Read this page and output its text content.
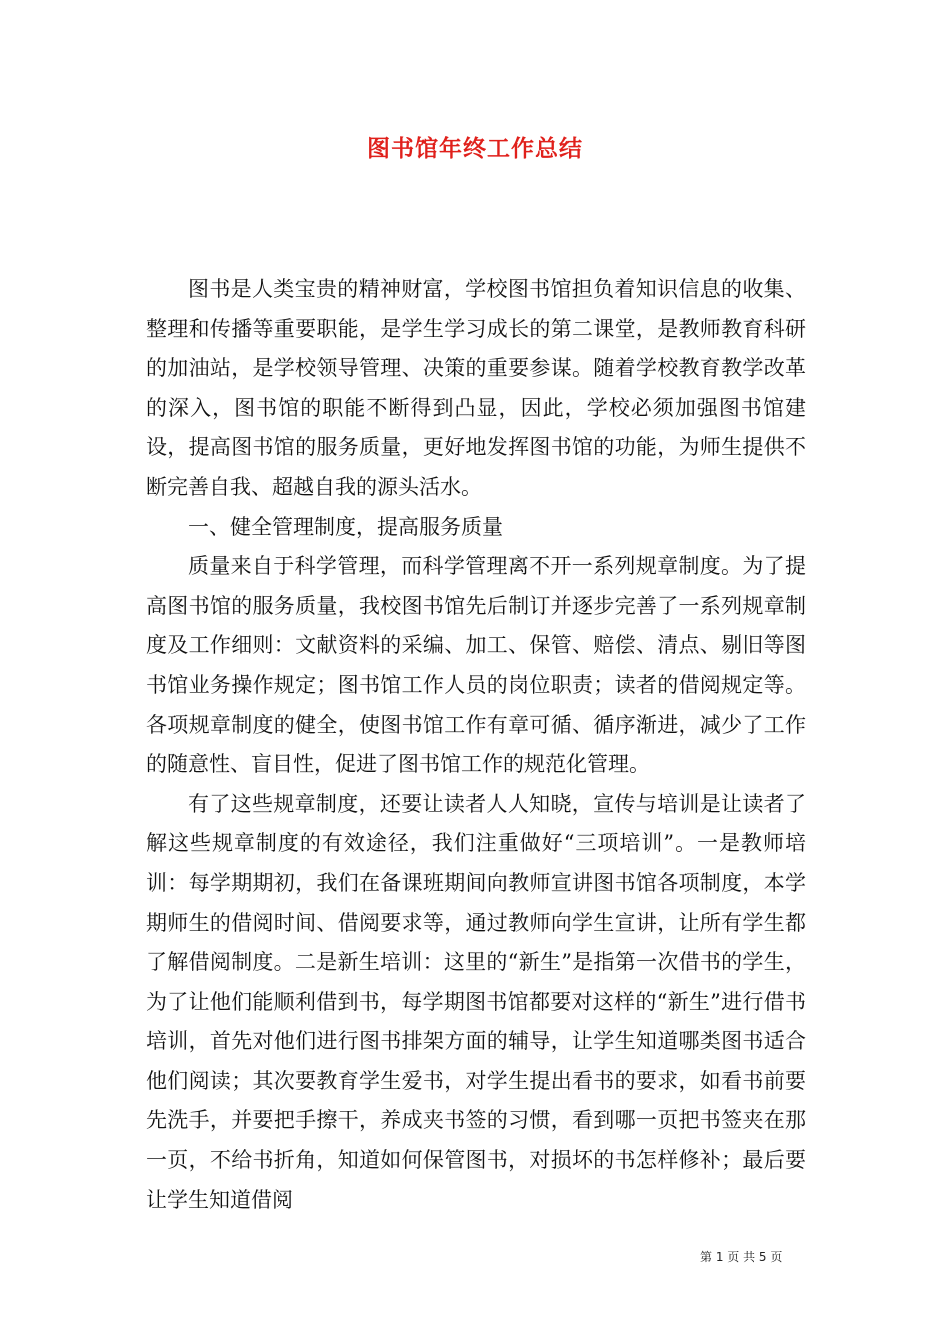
图书馆年终工作总结

图书是人类宝贵的精神财富，学校图书馆担负着知识信息的收集、整理和传播等重要职能，是学生学习成长的第二课堂，是教师教育科研的加油站，是学校领导管理、决策的重要参谋。随着学校教育教学改革的深入，图书馆的职能不断得到凸显，因此，学校必须加强图书馆建设，提高图书馆的服务质量，更好地发挥图书馆的功能，为师生提供不断完善自我、超越自我的源头活水。

一、健全管理制度，提高服务质量

质量来自于科学管理，而科学管理离不开一系列规章制度。为了提高图书馆的服务质量，我校图书馆先后制订并逐步完善了一系列规章制度及工作细则：文献资料的采编、加工、保管、赔偿、清点、剔旧等图书馆业务操作规定；图书馆工作人员的岗位职责；读者的借阅规定等。各项规章制度的健全，使图书馆工作有章可循、循序渐进，减少了工作的随意性、盲目性，促进了图书馆工作的规范化管理。

有了这些规章制度，还要让读者人人知晓，宣传与培训是让读者了解这些规章制度的有效途径，我们注重做好“三项培训”。一是教师培训：每学期期初，我们在备课班期间向教师宣讲图书馆各项制度，本学期师生的借阅时间、借阅要求等，通过教师向学生宣讲，让所有学生都了解借阅制度。二是新生培训：这里的“新生”是指第一次借书的学生，为了让他们能顺利借到书，每学期图书馆都要对这样的“新生”进行借书培训，首先对他们进行图书排架方面的辅导，让学生知道哪类图书适合他们阅读；其次要教育学生爱书，对学生提出看书的要求，如看书前要先洗手，并要把手擦干，养成夹书签的习惯，看到哪一页把书签夹在那一页，不给书折角，知道如何保管图书，对损坏的书怎样修补；最后要让学生知道借阅

第 1 页 共 5 页
